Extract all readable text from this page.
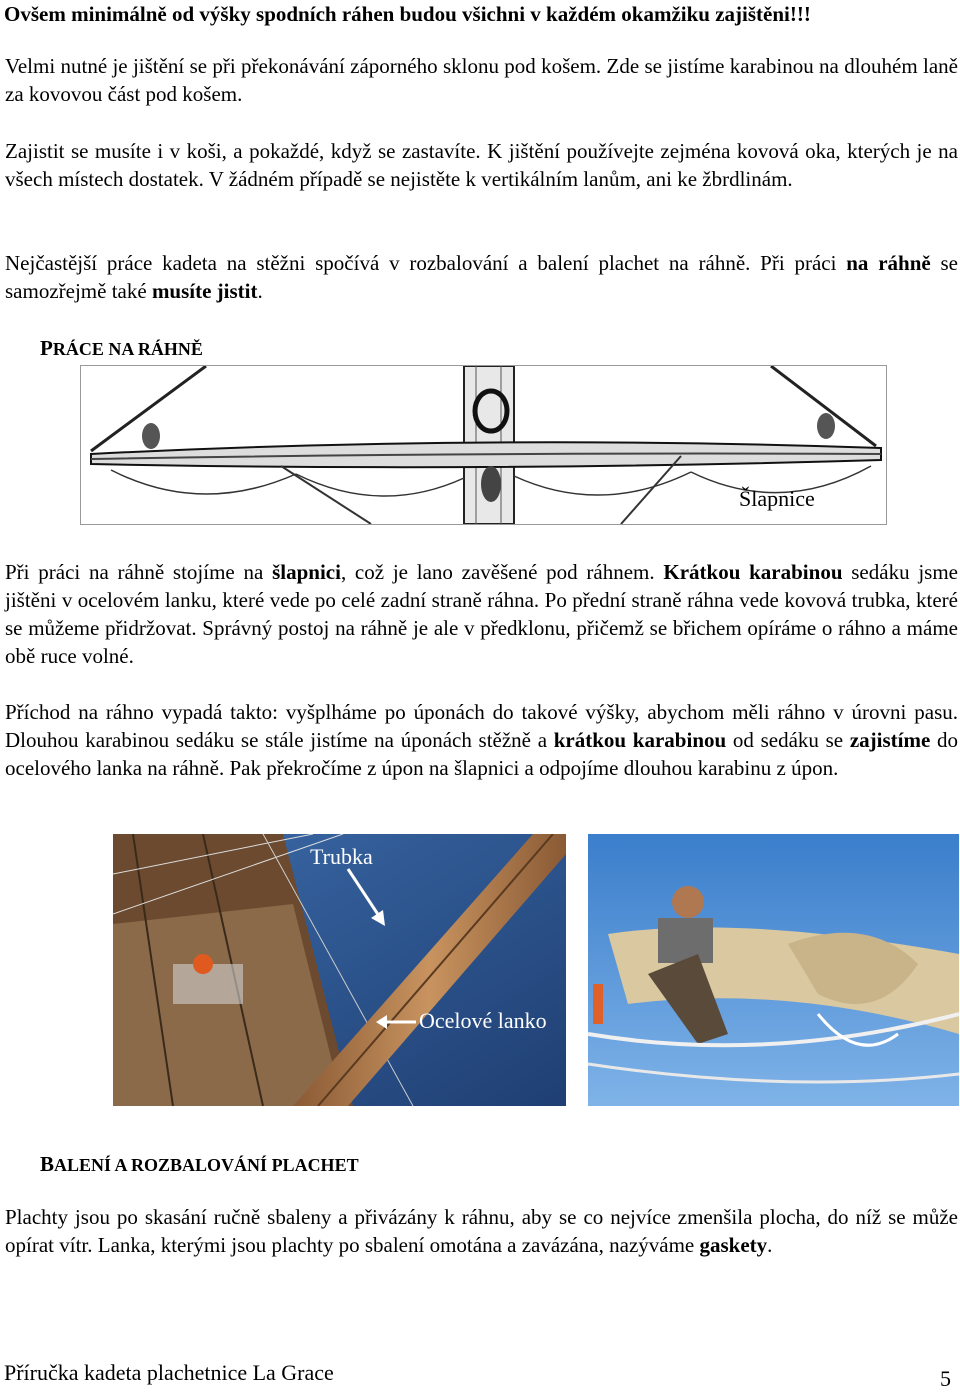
Ovšem minimálně od výšky spodních ráhen budou všichni v každém okamžiku zajištěni!!!

Velmi nutné je jištění se při překonávání záporného sklonu pod košem. Zde se jistíme karabinou na dlouhém laně za kovovou část pod košem.

Zajistit se musíte i v koši, a pokaždé, když se zastavíte. K jištění používejte zejména kovová oka, kterých je na všech místech dostatek. V žádném případě se nejistěte k vertikálním lanům, ani ke žbrdlinám.

Nejčastější práce kadeta na stěžni spočívá v rozbalování a balení plachet na ráhně. Při práci na ráhně se samozřejmě také musíte jistit.

PRÁCE NA RÁHNĚ
Šlapnice

Při práci na ráhně stojíme na šlapnici, což je lano zavěšené pod ráhnem. Krátkou karabinou sedáku jsme jištěni v ocelovém lanku, které vede po celé zadní straně ráhna. Po přední straně ráhna vede kovová trubka, které se můžeme přidržovat. Správný postoj na ráhně je ale v předklonu, přičemž se břichem opíráme o ráhno a máme obě ruce volné.

Příchod na ráhno vypadá takto: vyšplháme po úponách do takové výšky, abychom měli ráhno v úrovni pasu. Dlouhou karabinou sedáku se stále jistíme na úponách stěžně a krátkou karabinou od sedáku se zajistíme do ocelového lanka na ráhně. Pak překročíme z úpon na šlapnici a odpojíme dlouhou karabinu z úpon.

Trubka
Ocelové lanko
BALENÍ A ROZBALOVÁNÍ PLACHET

Plachty jsou po skasání ručně sbaleny a přivázány k ráhnu, aby se co nejvíce zmenšila plocha, do níž se může opírat vítr. Lanka, kterými jsou plachty po sbalení omotána a zavázána, nazýváme gaskety.

Příručka kadeta plachetnice La Grace	5
